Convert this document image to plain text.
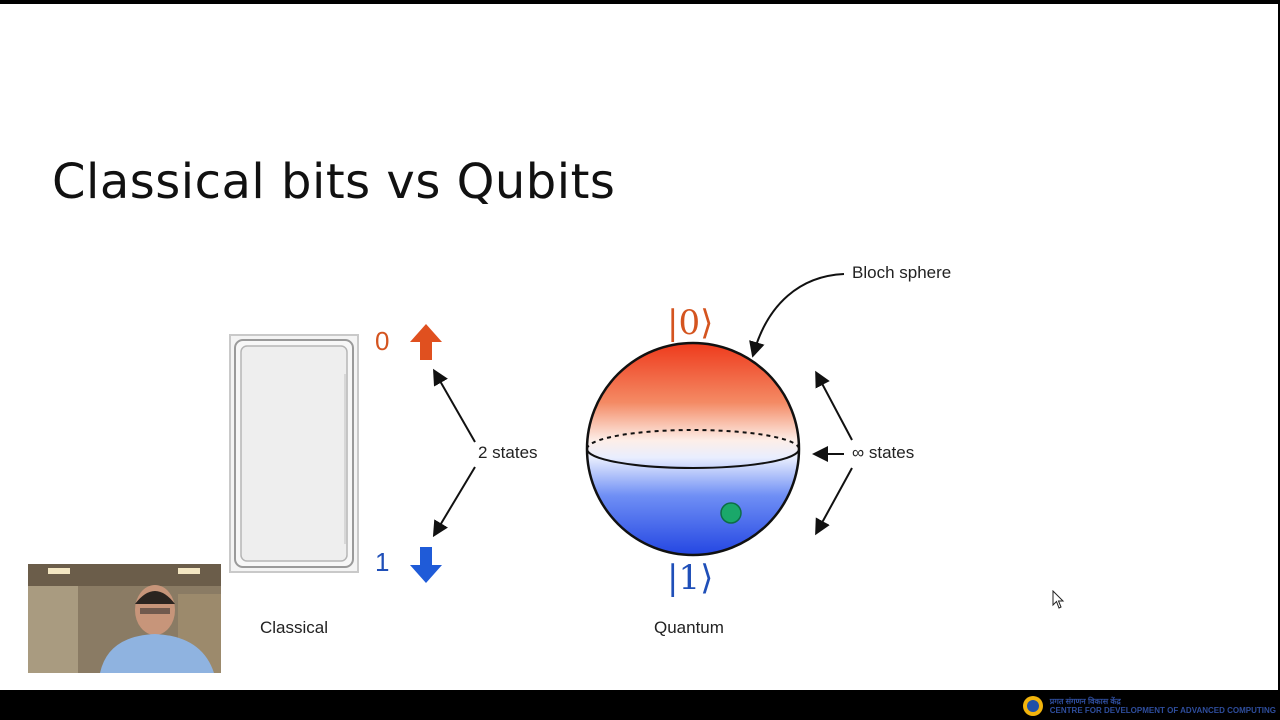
Classical bits vs Qubits
0
1
2 states
Classical
|0⟩
|1⟩
Bloch sphere
∞ states
Quantum
प्रगत संगणन विकास केंद्र
CENTRE FOR DEVELOPMENT OF ADVANCED COMPUTING
